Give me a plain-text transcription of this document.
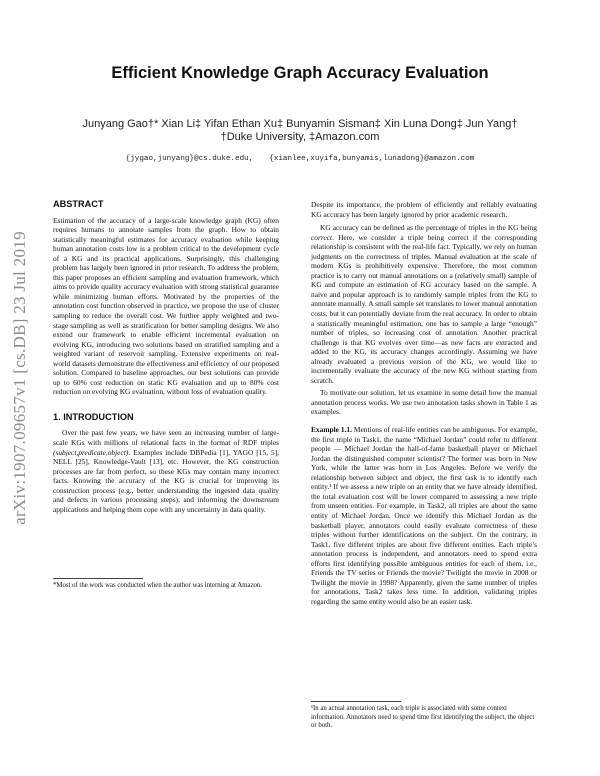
arXiv:1907.09657v1 [cs.DB] 23 Jul 2019
Efficient Knowledge Graph Accuracy Evaluation
Junyang Gao†* Xian Li‡ Yifan Ethan Xu‡ Bunyamin Sisman‡ Xin Luna Dong‡ Jun Yang†
†Duke University, ‡Amazon.com
{jygao,junyang}@cs.duke.edu, {xianlee,xuyifa,bunyamis,lunadong}@amazon.com
ABSTRACT

Estimation of the accuracy of a large-scale knowledge graph (KG) often requires humans to annotate samples from the graph. How to obtain statistically meaningful estimates for accuracy evaluation while keeping human annotation costs low is a problem critical to the development cycle of a KG and its practical applications. Surprisingly, this challenging problem has largely been ignored in prior research. To address the problem, this paper proposes an efficient sampling and evaluation framework, which aims to provide quality accuracy evaluation with strong statistical guarantee while minimizing human efforts. Motivated by the properties of the annotation cost function observed in practice, we propose the use of cluster sampling to reduce the overall cost. We further apply weighted and two-stage sampling as well as stratification for better sampling designs. We also extend our framework to enable efficient incremental evaluation on evolving KG, introducing two solutions based on stratified sampling and a weighted variant of reservoir sampling. Extensive experiments on real-world datasets demonstrate the effectiveness and efficiency of our proposed solution. Compared to baseline approaches, our best solutions can provide up to 60% cost reduction on static KG evaluation and up to 80% cost reduction on evolving KG evaluation, without loss of evaluation quality.

1. INTRODUCTION

Over the past few years, we have seen an increasing number of large-scale KGs with millions of relational facts in the format of RDF triples (subject,predicate,object). Examples include DBPedia [1], YAGO [15, 5], NELL [25], Knowledge-Vault [13], etc. However, the KG construction processes are far from perfect, so these KGs may contain many incorrect facts. Knowing the accuracy of the KG is crucial for improving its construction process (e.g., better understanding the ingested data quality and defects in various processing steps), and informing the downstream applications and helping them cope with any uncertainty in data quality.

*Most of the work was conducted when the author was interning at Amazon.

Despite its importance, the problem of efficiently and reliably evaluating KG accuracy has been largely ignored by prior academic research.

KG accuracy can be defined as the percentage of triples in the KG being correct. Here, we consider a triple being correct if the corresponding relationship is consistent with the real-life fact. Typically, we rely on human judgments on the correctness of triples. Manual evaluation at the scale of modern KGs is prohibitively expensive. Therefore, the most common practice is to carry out manual annotations on a (relatively small) sample of KG and compute an estimation of KG accuracy based on the sample. A naive and popular approach is to randomly sample triples from the KG to annotate manually. A small sample set translates to lower manual annotation costs, but it can potentially deviate from the real accuracy. In order to obtain a statistically meaningful estimation, one has to sample a large “enough” number of triples, so increasing cost of annotation. Another practical challenge is that KG evolves over time—as new facts are extracted and added to the KG, its accuracy changes accordingly. Assuming we have already evaluated a previous version of the KG, we would like to incrementally evaluate the accuracy of the new KG without starting from scratch.

To motivate our solution, let us examine in some detail how the manual annotation process works. We use two annotation tasks shown in Table 1 as examples.

Example 1.1. Mentions of real-life entities can be ambiguous. For example, the first triple in Task1, the name “Michael Jordan” could refer to different people — Michael Jordan the hall-of-fame basketball player or Michael Jordan the distinguished computer scientist? The former was born in New York, while the latter was born in Los Angeles. Before we verify the relationship between subject and object, the first task is to identify each entity.¹ If we assess a new triple on an entity that we have already identified, the total evaluation cost will be lower compared to assessing a new triple from unseen entities. For example, in Task2, all triples are about the same entity of Michael Jordan. Once we identify this Michael Jordan as the basketball player, annotators could easily evaluate correctness of these triples without further identifications on the subject. On the contrary, in Task1, five different triples are about five different entities. Each triple’s annotation process is independent, and annotators need to spend extra efforts first identifying possible ambiguous entities for each of them, i.e., Friends the TV series or Friends the movie? Twilight the movie in 2008 or Twilight the movie in 1998? Apparently, given the same number of triples for annotations, Task2 takes less time. In addition, validating triples regarding the same entity would also be an easier task.

¹In an actual annotation task, each triple is associated with some context information. Annotators need to spend time first identifying the subject, the object or both.
